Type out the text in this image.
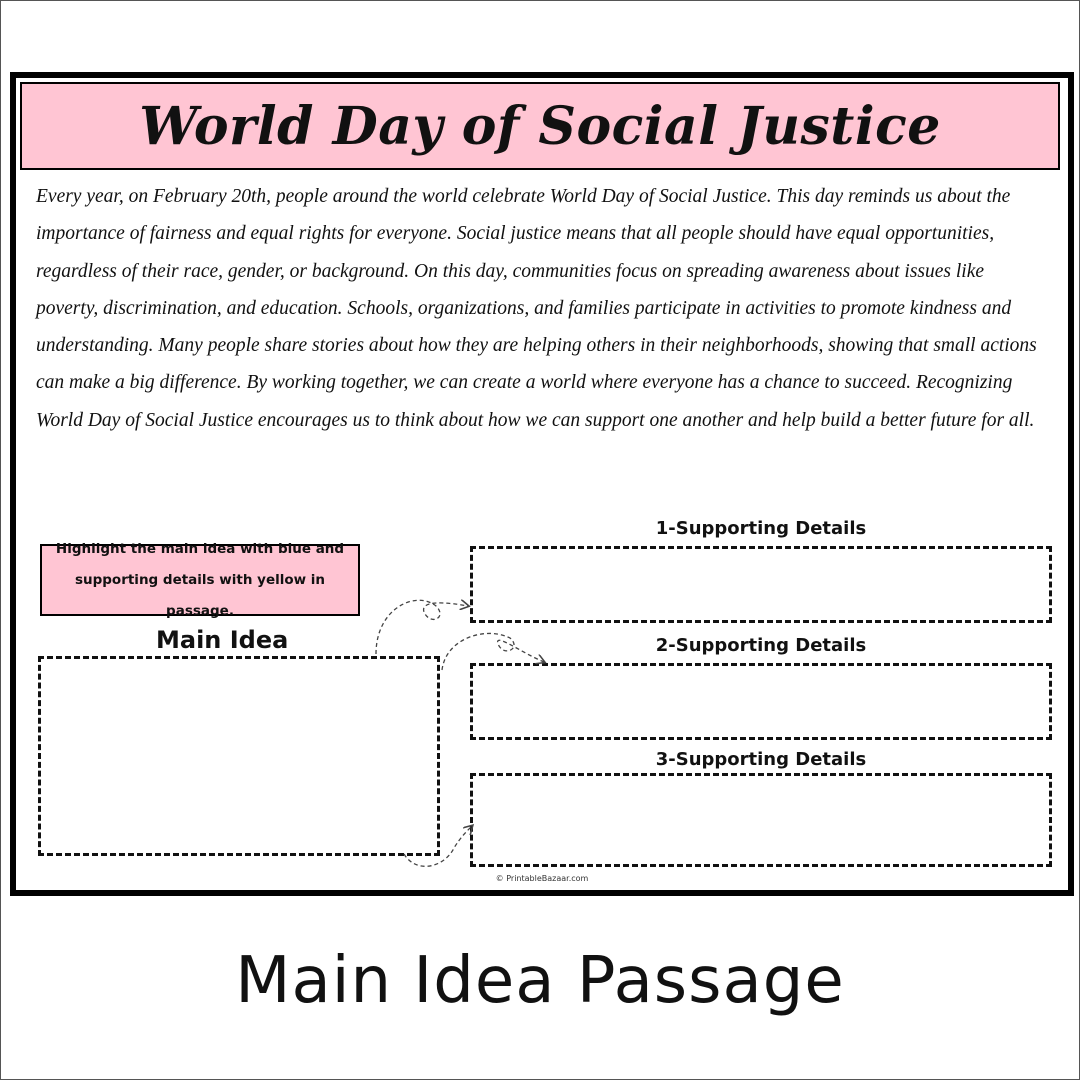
World Day of Social Justice

Every year, on February 20th, people around the world celebrate World Day of Social Justice. This day reminds us about the importance of fairness and equal rights for everyone. Social justice means that all people should have equal opportunities, regardless of their race, gender, or background. On this day, communities focus on spreading awareness about issues like poverty, discrimination, and education. Schools, organizations, and families participate in activities to promote kindness and understanding. Many people share stories about how they are helping others in their neighborhoods, showing that small actions can make a big difference. By working together, we can create a world where everyone has a chance to succeed. Recognizing World Day of Social Justice encourages us to think about how we can support one another and help build a better future for all.

Highlight the main idea with blue and supporting details with yellow in passage.
Main Idea
1-Supporting Details
2-Supporting Details
3-Supporting Details
© PrintableBazaar.com
Main Idea Passage
